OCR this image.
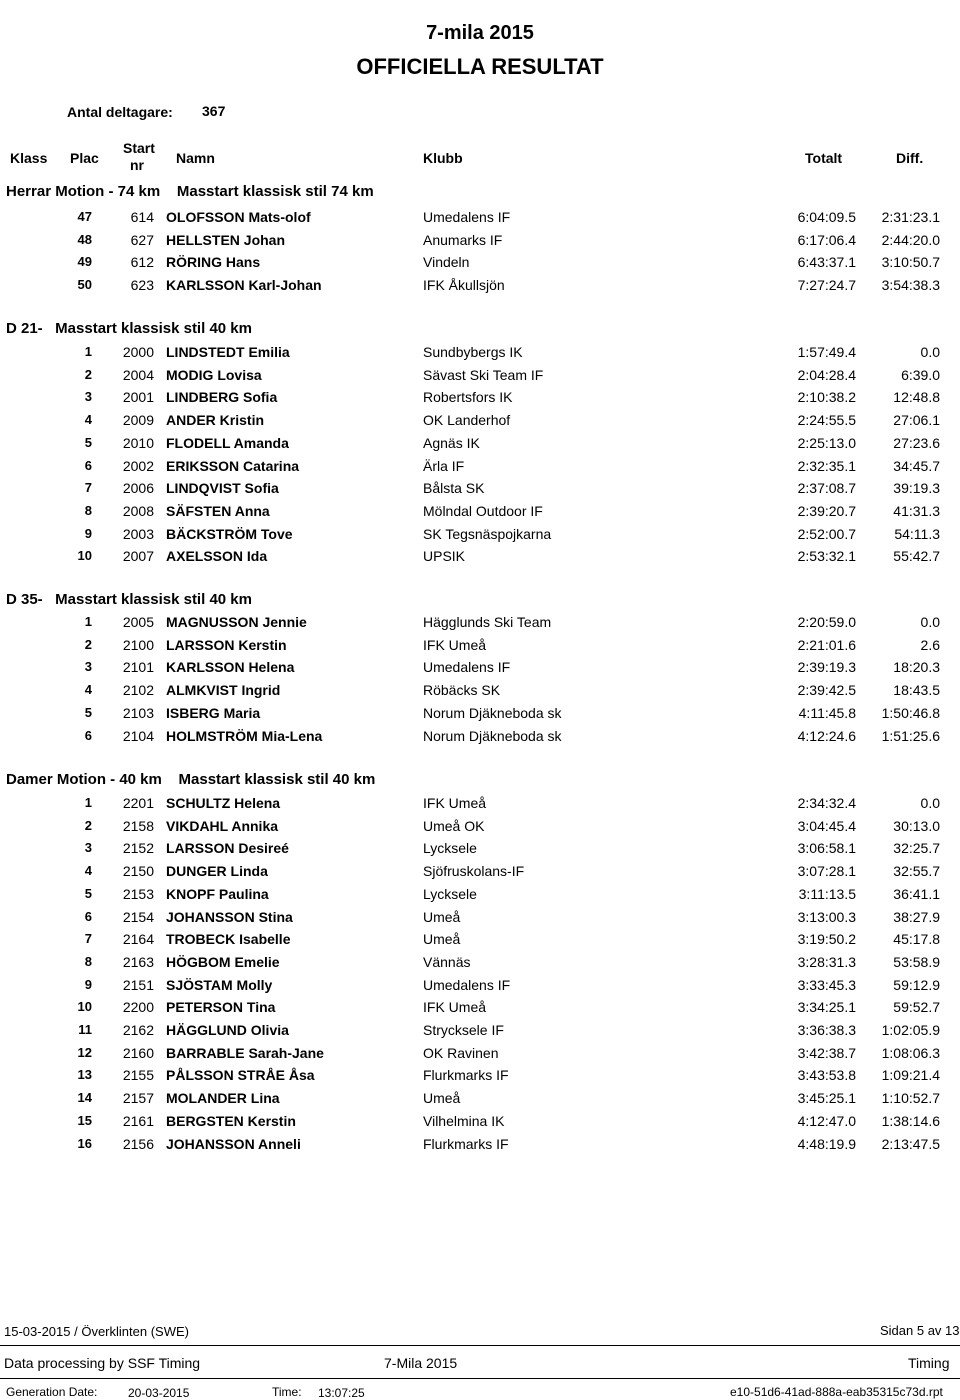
7-mila 2015
OFFICIELLA RESULTAT
Antal deltagare: 367
Klass Plac
Start
nr Namn	Klubb	Totalt	Diff.
Herrar Motion - 74 km    Masstart klassisk stil 74 km
47	614 OLOFSSON Mats-olof	Umedalens IF	6:04:09.5	2:31:23.1
48	627 HELLSTEN Johan	Anumarks IF	6:17:06.4	2:44:20.0
49	612 RÖRING Hans	Vindeln	6:43:37.1	3:10:50.7
50	623 KARLSSON Karl-Johan	IFK Åkullsjön	7:27:24.7	3:54:38.3
D 21-   Masstart klassisk stil 40 km
1	2000 LINDSTEDT Emilia	Sundbybergs IK	1:57:49.4	0.0
2	2004 MODIG Lovisa	Sävast Ski Team IF	2:04:28.4	6:39.0
3	2001 LINDBERG Sofia	Robertsfors IK	2:10:38.2	12:48.8
4	2009 ANDER Kristin	OK Landerhof	2:24:55.5	27:06.1
5	2010 FLODELL Amanda	Agnäs IK	2:25:13.0	27:23.6
6	2002 ERIKSSON Catarina	Ärla IF	2:32:35.1	34:45.7
7	2006 LINDQVIST Sofia	Bålsta SK	2:37:08.7	39:19.3
8	2008 SÄFSTEN Anna	Mölndal Outdoor IF	2:39:20.7	41:31.3
9	2003 BÄCKSTRÖM Tove	SK Tegsnäspojkarna	2:52:00.7	54:11.3
10	2007 AXELSSON Ida	UPSIK	2:53:32.1	55:42.7
D 35-   Masstart klassisk stil 40 km
1	2005 MAGNUSSON Jennie	Hägglunds Ski Team	2:20:59.0	0.0
2	2100 LARSSON Kerstin	IFK Umeå	2:21:01.6	2.6
3	2101 KARLSSON Helena	Umedalens IF	2:39:19.3	18:20.3
4	2102 ALMKVIST Ingrid	Röbäcks SK	2:39:42.5	18:43.5
5	2103 ISBERG Maria	Norum Djäkneboda sk	4:11:45.8	1:50:46.8
6	2104 HOLMSTRÖM Mia-Lena	Norum Djäkneboda sk	4:12:24.6	1:51:25.6
Damer Motion - 40 km    Masstart klassisk stil 40 km
1	2201 SCHULTZ Helena	IFK Umeå	2:34:32.4	0.0
2	2158 VIKDAHL Annika	Umeå OK	3:04:45.4	30:13.0
3	2152 LARSSON Desireé	Lycksele	3:06:58.1	32:25.7
4	2150 DUNGER Linda	Sjöfruskolans-IF	3:07:28.1	32:55.7
5	2153 KNOPF Paulina	Lycksele	3:11:13.5	36:41.1
6	2154 JOHANSSON Stina	Umeå	3:13:00.3	38:27.9
7	2164 TROBECK Isabelle	Umeå	3:19:50.2	45:17.8
8	2163 HÖGBOM Emelie	Vännäs	3:28:31.3	53:58.9
9	2151 SJÖSTAM Molly	Umedalens IF	3:33:45.3	59:12.9
10	2200 PETERSON Tina	IFK Umeå	3:34:25.1	59:52.7
11	2162 HÄGGLUND Olivia	Strycksele IF	3:36:38.3	1:02:05.9
12	2160 BARRABLE Sarah-Jane	OK Ravinen	3:42:38.7	1:08:06.3
13	2155 PÅLSSON STRÅE Åsa	Flurkmarks IF	3:43:53.8	1:09:21.4
14	2157 MOLANDER Lina	Umeå	3:45:25.1	1:10:52.7
15	2161 BERGSTEN Kerstin	Vilhelmina IK	4:12:47.0	1:38:14.6
16	2156 JOHANSSON Anneli	Flurkmarks IF	4:48:19.9	2:13:47.5
15-03-2015 / Överklinten (SWE)	Sidan 5 av 13
Data processing by SSF Timing	7-Mila 2015	Timing
Generation Date:	20-03-2015	Time: 13:07:25	e10-51d6-41ad-888a-eab35315c73d.rpt
